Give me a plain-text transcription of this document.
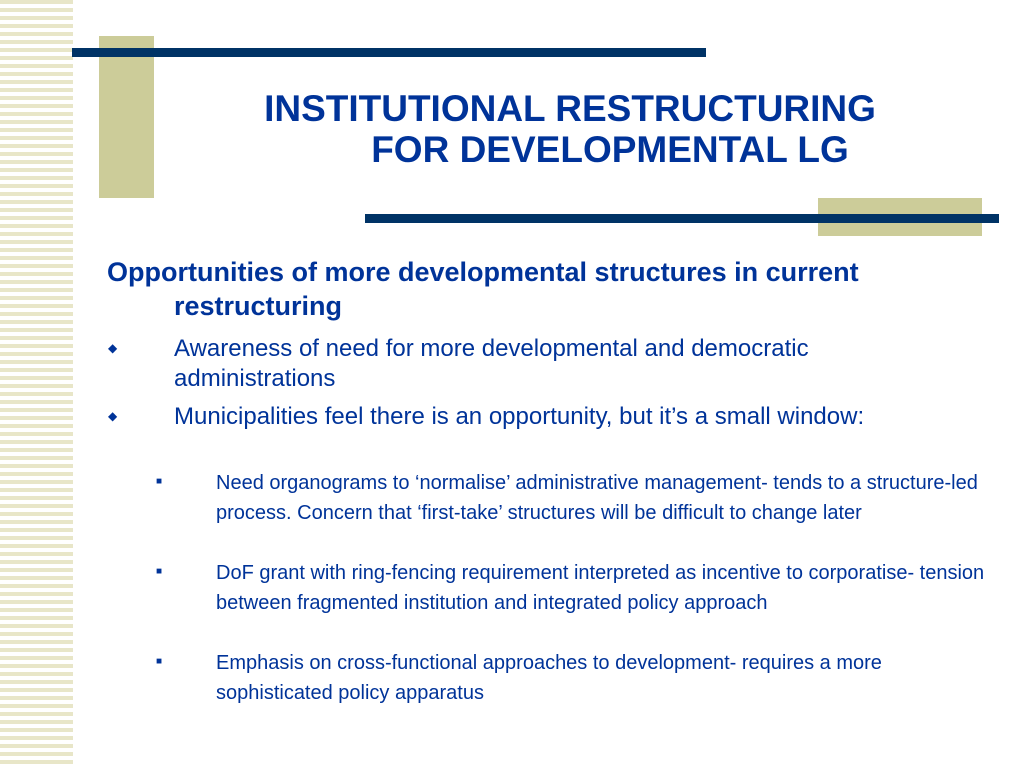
INSTITUTIONAL RESTRUCTURING
FOR DEVELOPMENTAL LG
Opportunities of more developmental structures in current restructuring
◆ Awareness of need for more developmental and democratic administrations
◆ Municipalities feel there is an opportunity, but it’s a small window:
■	Need organograms to ‘normalise’ administrative management- tends to a structure-led process. Concern that ‘first-take’ structures will be difficult to change later
■	DoF grant with ring-fencing requirement interpreted as incentive to corporatise- tension between fragmented institution and integrated policy approach
■	Emphasis on cross-functional approaches to development- requires a more sophisticated policy apparatus
